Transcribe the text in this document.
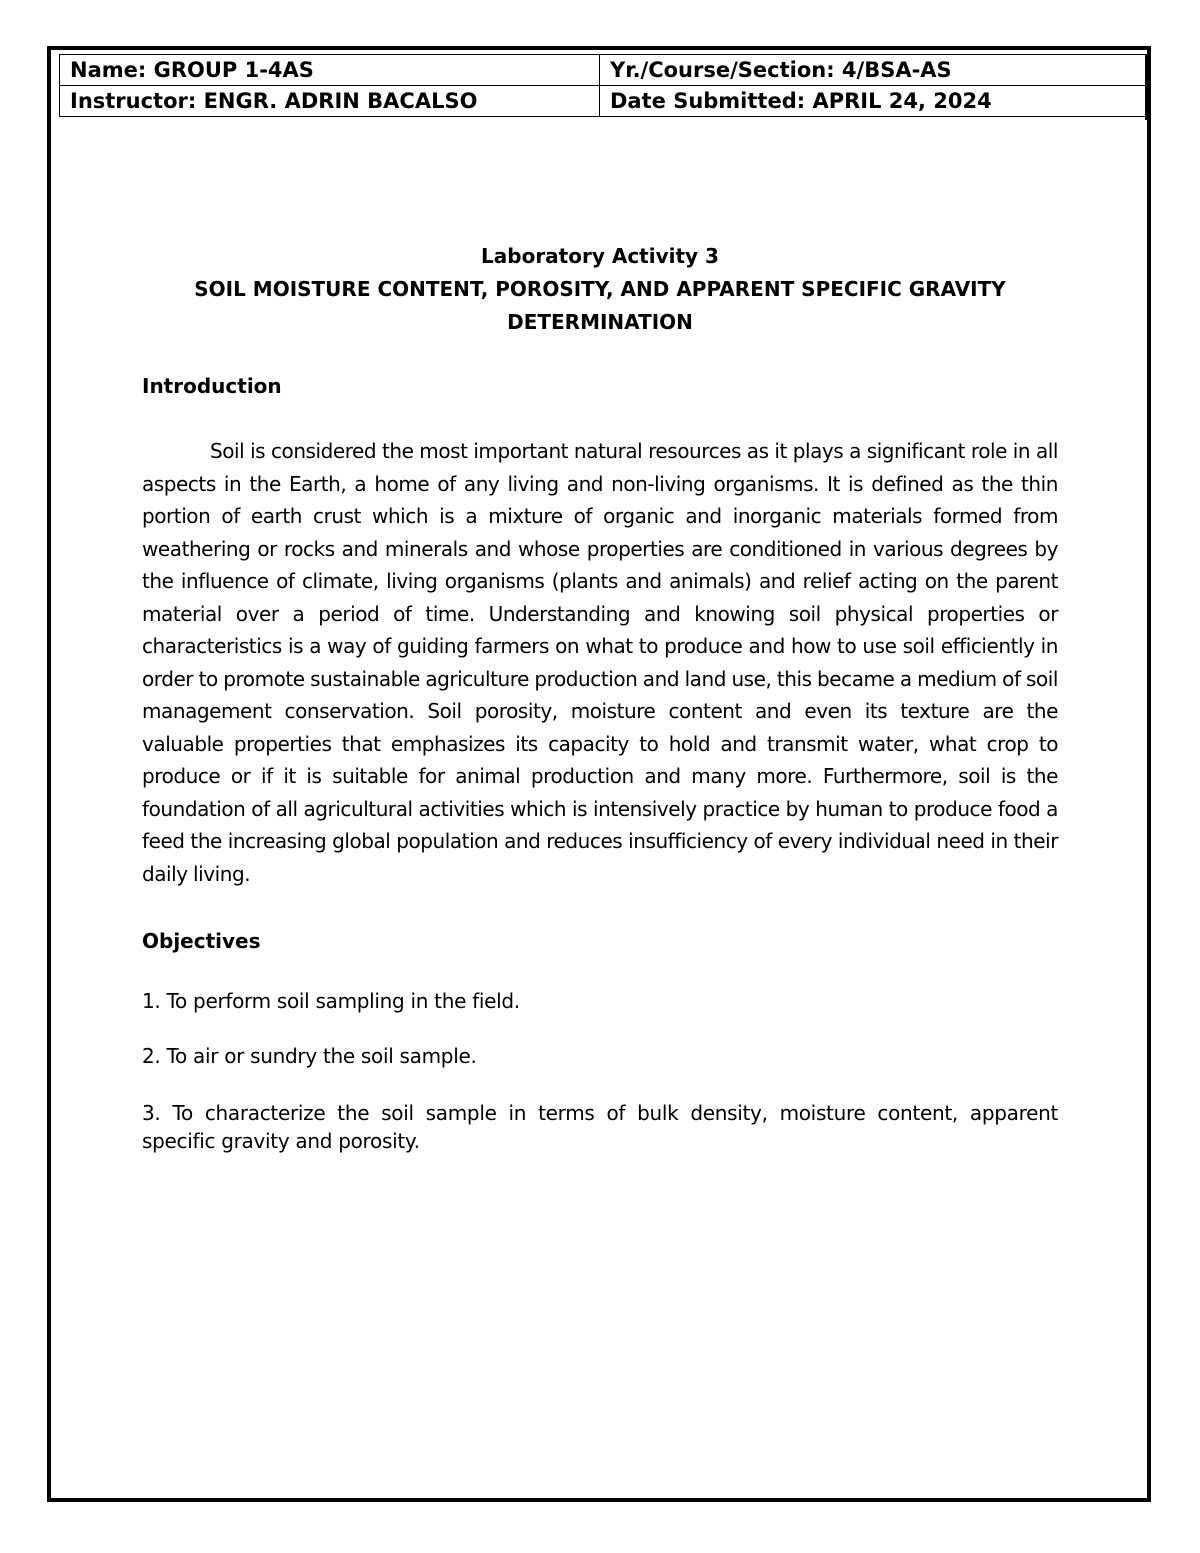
Name: GROUP 1-4AS	Yr./Course/Section: 4/BSA-AS
Instructor: ENGR. ADRIN BACALSO	Date Submitted: APRIL 24, 2024
Laboratory Activity 3
SOIL MOISTURE CONTENT, POROSITY, AND APPARENT SPECIFIC GRAVITY
DETERMINATION
Introduction

Soil is considered the most important natural resources as it plays a significant role in all aspects in the Earth, a home of any living and non-living organisms. It is defined as the thin portion of earth crust which is a mixture of organic and inorganic materials formed from weathering or rocks and minerals and whose properties are conditioned in various degrees by the influence of climate, living organisms (plants and animals) and relief acting on the parent material over a period of time. Understanding and knowing soil physical properties or characteristics is a way of guiding farmers on what to produce and how to use soil efficiently in order to promote sustainable agriculture production and land use, this became a medium of soil management conservation. Soil porosity, moisture content and even its texture are the valuable properties that emphasizes its capacity to hold and transmit water, what crop to produce or if it is suitable for animal production and many more. Furthermore, soil is the foundation of all agricultural activities which is intensively practice by human to produce food a feed the increasing global population and reduces insufficiency of every individual need in their daily living.

Objectives
1. To perform soil sampling in the field.
2. To air or sundry the soil sample.
3. To characterize the soil sample in terms of bulk density, moisture content, apparent specific gravity and porosity.
